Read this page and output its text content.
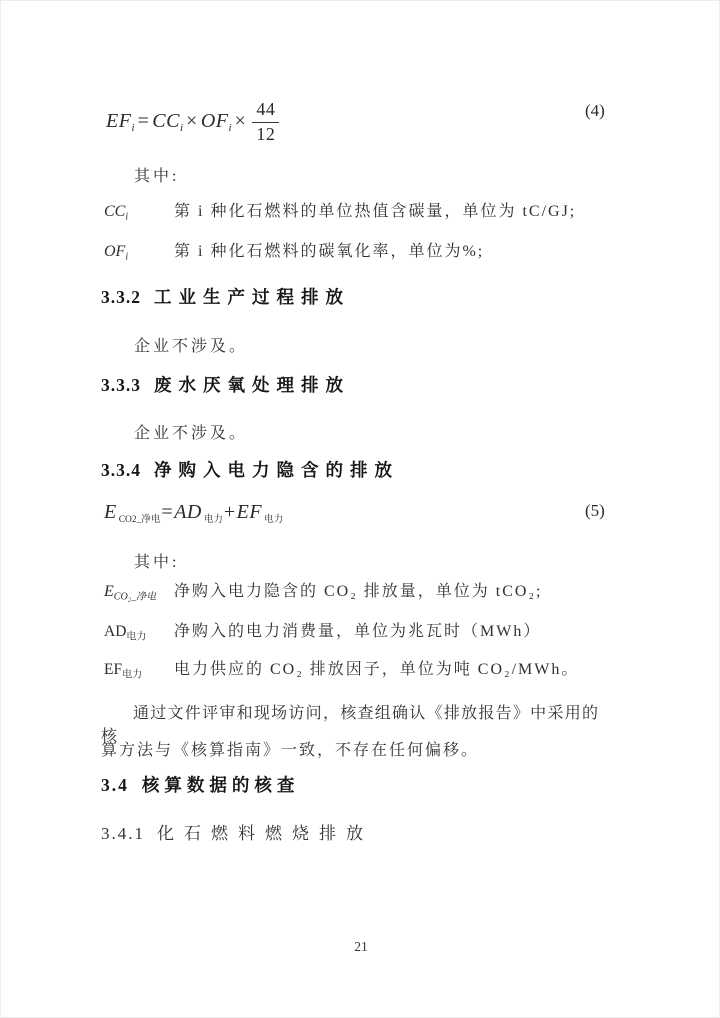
$EF_i = CC_i \times OF_i \times \frac{44}{12}$	(4)
其中:
$CC_i$	第 i 种化石燃料的单位热值含碳量，单位为 tC/GJ;
$OF_i$	第 i 种化石燃料的碳氧化率，单位为%;
3.3.2 工业生产过程排放
企业不涉及。
3.3.3 废水厌氧处理排放
企业不涉及。
3.3.4 净购入电力隐含的排放
E $_{CO2\_净电}$=AD $_{电力}$+EF $_{电力}$	(5)
其中:
$E_{CO_2\_净电}$ 净购入电力隐含的 CO₂ 排放量，单位为 tCO₂;
$AD_{电力}$ 净购入的电力消费量，单位为兆瓦时（MWh）
$EF_{电力}$ 电力供应的 CO₂ 排放因子，单位为吨 CO₂/MWh。
通过文件评审和现场访问，核查组确认《排放报告》中采用的核
算方法与《核算指南》一致，不存在任何偏移。
3.4 核算数据的核查
3.4.1 化石燃料燃烧排放
21
